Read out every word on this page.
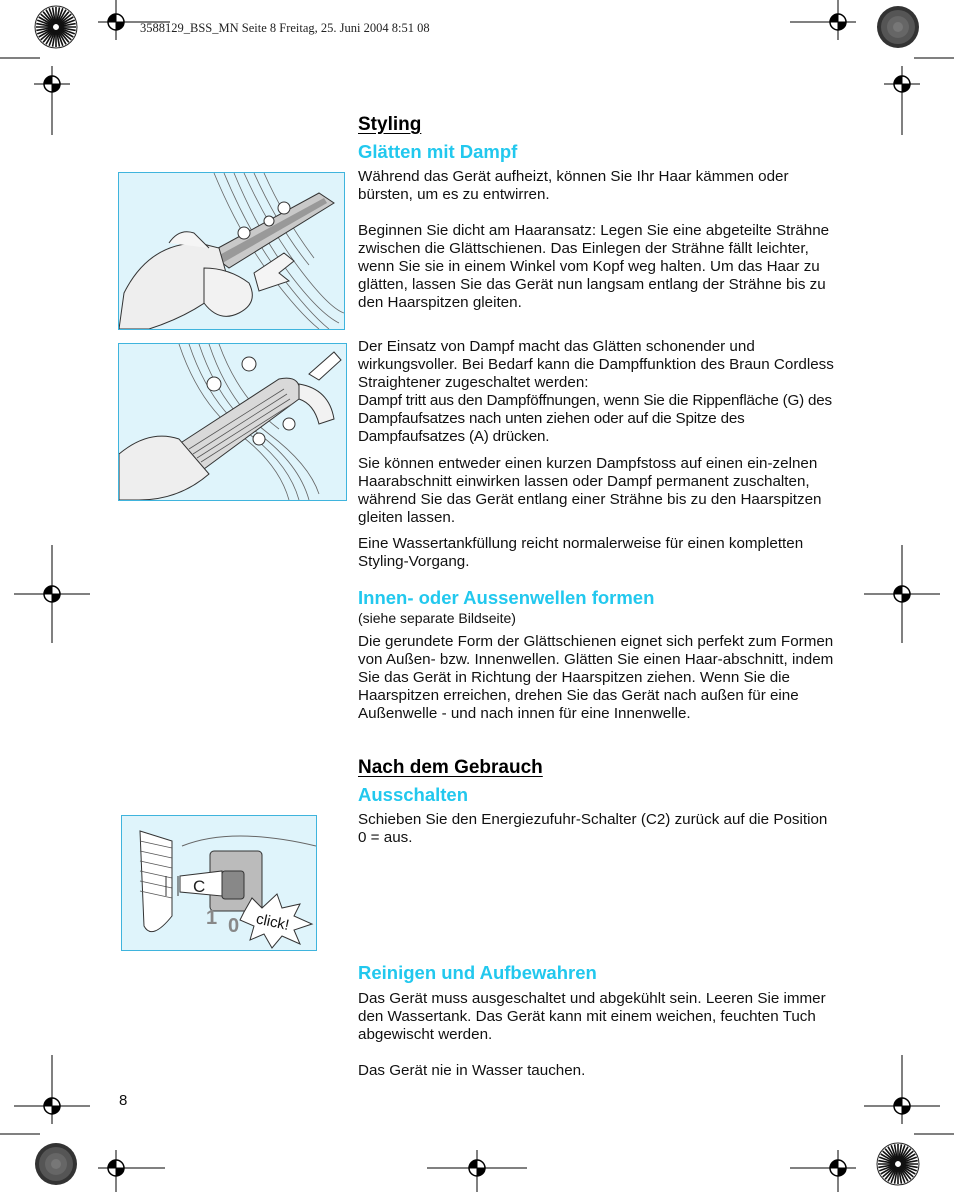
3588129_BSS_MN Seite 8 Freitag, 25. Juni 2004 8:51 08
C
1 0 click!
Styling
Glätten mit Dampf
Während das Gerät aufheizt, können Sie Ihr Haar kämmen oder bürsten, um es zu entwirren.
Beginnen Sie dicht am Haaransatz: Legen Sie eine abgeteilte Strähne zwischen die Glättschienen. Das Einlegen der Strähne fällt leichter, wenn Sie sie in einem Winkel vom Kopf weg halten. Um das Haar zu glätten, lassen Sie das Gerät nun langsam entlang der Strähne bis zu den Haarspitzen gleiten.
Der Einsatz von Dampf macht das Glätten schonender und wirkungsvoller. Bei Bedarf kann die Dampffunktion des Braun Cordless Straightener zugeschaltet werden:
Dampf tritt aus den Dampföffnungen, wenn Sie die Rippenfläche (G) des Dampfaufsatzes nach unten ziehen oder auf die Spitze des Dampfaufsatzes (A) drücken.
Sie können entweder einen kurzen Dampfstoss auf einen ein-zelnen Haarabschnitt einwirken lassen oder Dampf permanent zuschalten, während Sie das Gerät entlang einer Strähne bis zu den Haarspitzen gleiten lassen.
Eine Wassertankfüllung reicht normalerweise für einen kompletten Styling-Vorgang.
Innen- oder Aussenwellen formen
(siehe separate Bildseite)
Die gerundete Form der Glättschienen eignet sich perfekt zum Formen von Außen- bzw. Innenwellen. Glätten Sie einen Haar-abschnitt, indem Sie das Gerät in Richtung der Haarspitzen ziehen. Wenn Sie die Haarspitzen erreichen, drehen Sie das Gerät nach außen für eine Außenwelle - und nach innen für eine Innenwelle.
Nach dem Gebrauch
Ausschalten
Schieben Sie den Energiezufuhr-Schalter (C2) zurück auf die Position 0 = aus.
Reinigen und Aufbewahren
Das Gerät muss ausgeschaltet und abgekühlt sein. Leeren Sie immer den Wassertank. Das Gerät kann mit einem weichen, feuchten Tuch abgewischt werden.
Das Gerät nie in Wasser tauchen.
8
